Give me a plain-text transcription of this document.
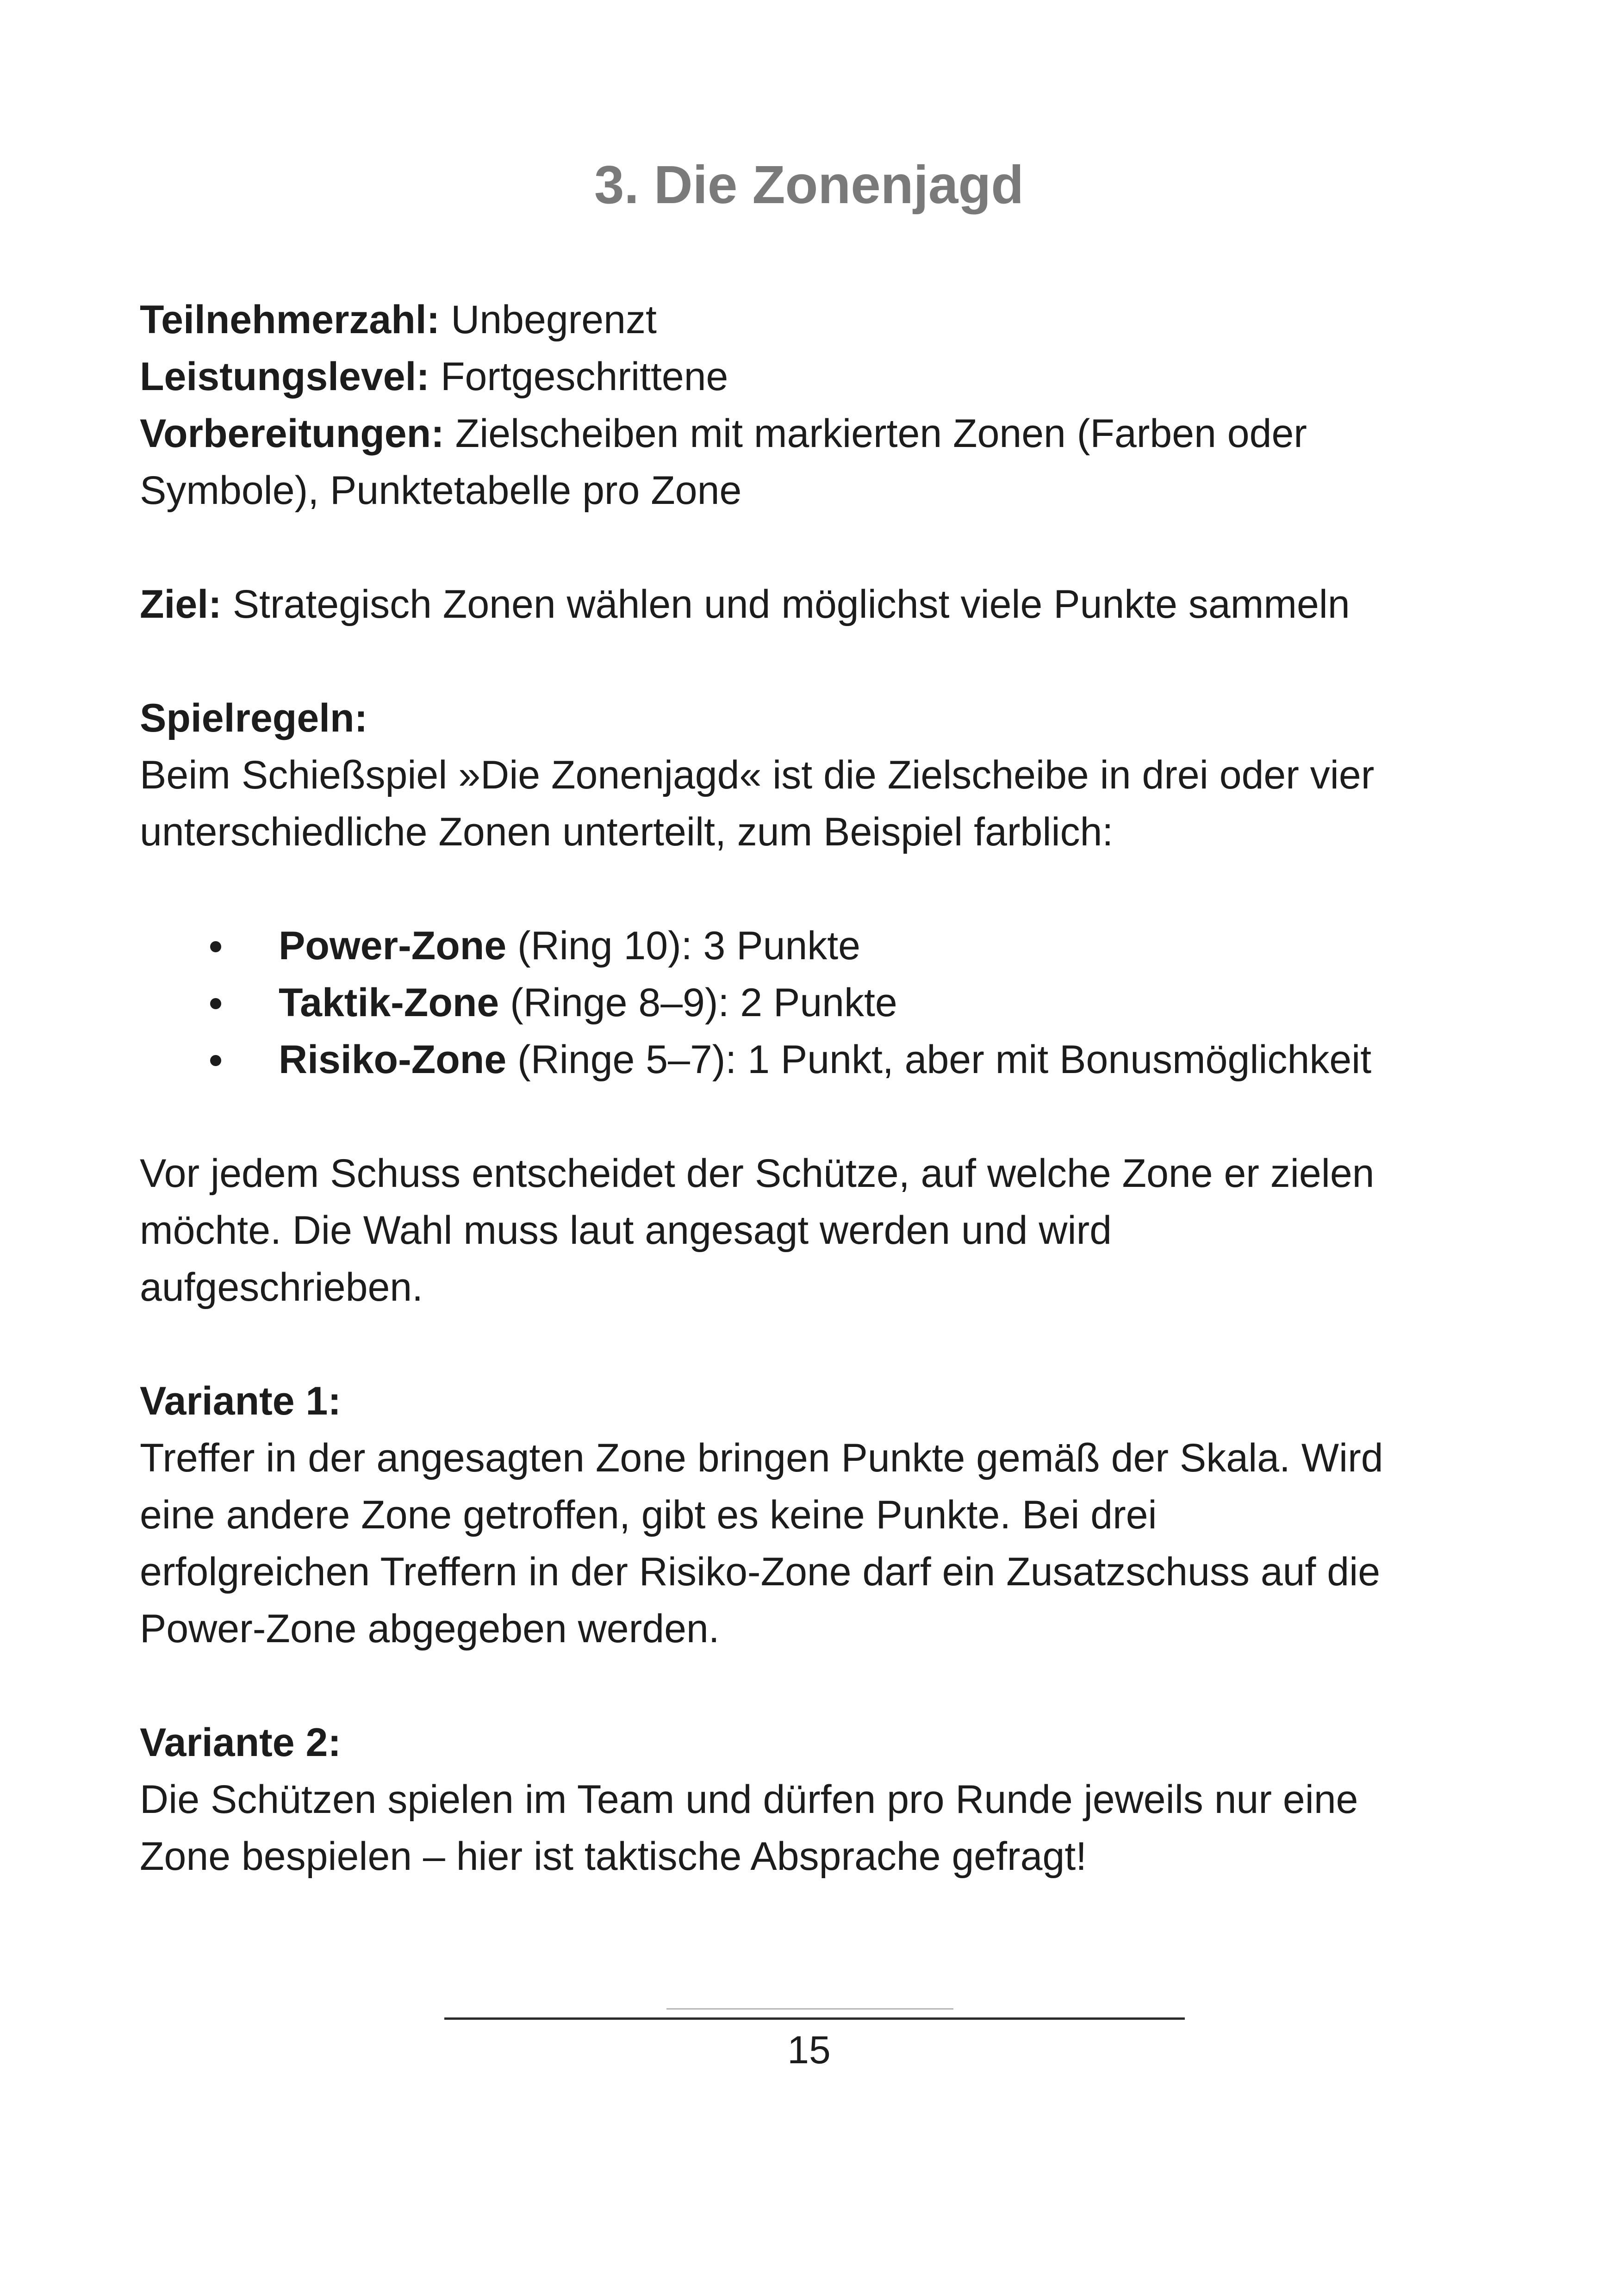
3. Die Zonenjagd

Teilnehmerzahl: Unbegrenzt

Leistungslevel: Fortgeschrittene

Vorbereitungen: Zielscheiben mit markierten Zonen (Farben oder

Symbole), Punktetabelle pro Zone

Ziel: Strategisch Zonen wählen und möglichst viele Punkte sammeln

Spielregeln:

Beim Schießspiel »Die Zonenjagd« ist die Zielscheibe in drei oder vier

unterschiedliche Zonen unterteilt, zum Beispiel farblich:

Power-Zone (Ring 10): 3 Punkte
Taktik-Zone (Ringe 8–9): 2 Punkte
Risiko-Zone (Ringe 5–7): 1 Punkt, aber mit Bonusmöglichkeit

Vor jedem Schuss entscheidet der Schütze, auf welche Zone er zielen

möchte. Die Wahl muss laut angesagt werden und wird

aufgeschrieben.

Variante 1:

Treffer in der angesagten Zone bringen Punkte gemäß der Skala. Wird

eine andere Zone getroffen, gibt es keine Punkte. Bei drei

erfolgreichen Treffern in der Risiko-Zone darf ein Zusatzschuss auf die

Power-Zone abgegeben werden.

Variante 2:

Die Schützen spielen im Team und dürfen pro Runde jeweils nur eine

Zone bespielen – hier ist taktische Absprache gefragt!

15
